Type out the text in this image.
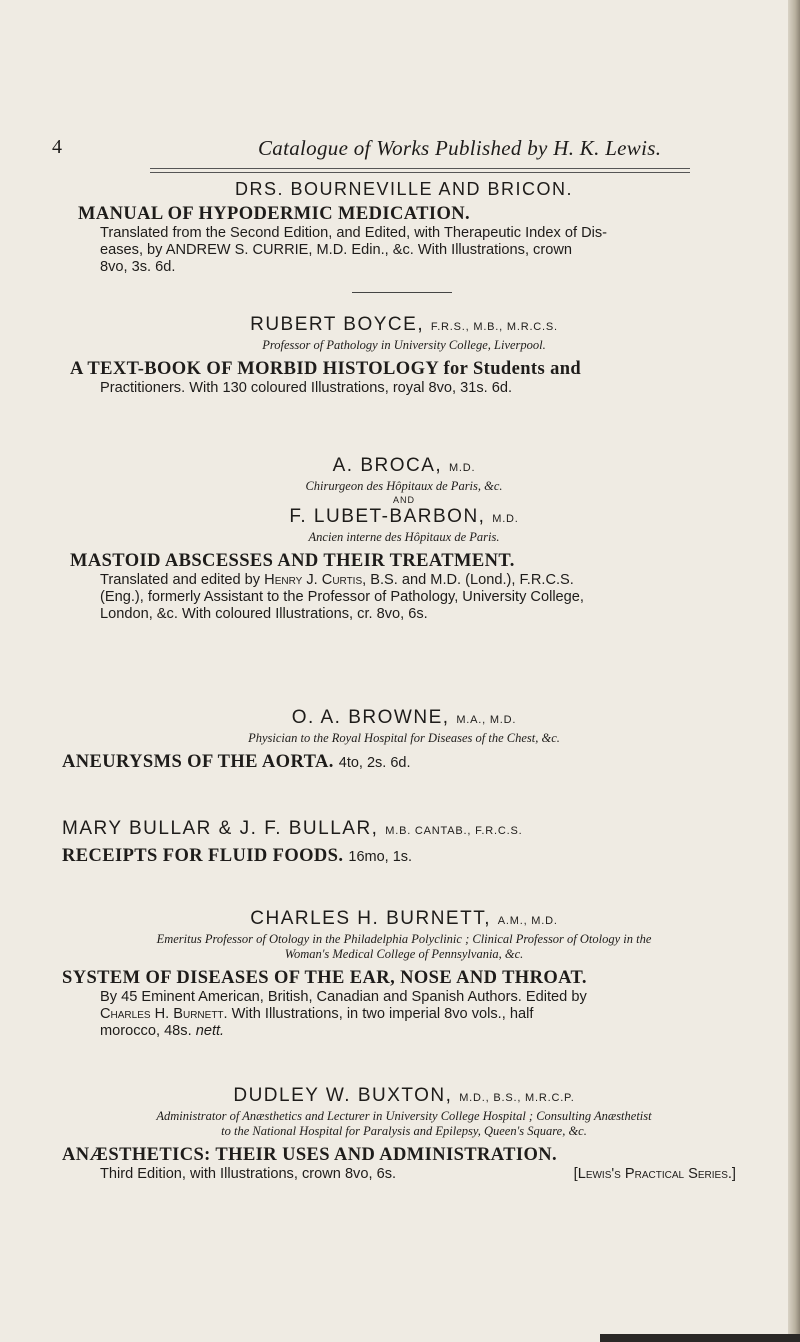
4	Catalogue of Works Published by H. K. Lewis.
DRS. BOURNEVILLE AND BRICON.
MANUAL OF HYPODERMIC MEDICATION.
Translated from the Second Edition, and Edited, with Therapeutic Index of Dis-
eases, by ANDREW S. CURRIE, M.D. Edin., &c. With Illustrations, crown
8vo, 3s. 6d.
RUBERT BOYCE, F.R.S., M.B., M.R.C.S.
Professor of Pathology in University College, Liverpool.
A TEXT-BOOK OF MORBID HISTOLOGY for Students and
Practitioners. With 130 coloured Illustrations, royal 8vo, 31s. 6d.
A. BROCA, M.D.
Chirurgeon des Hôpitaux de Paris, &c.
AND
F. LUBET-BARBON, M.D.
Ancien interne des Hôpitaux de Paris.
MASTOID ABSCESSES AND THEIR TREATMENT.
Translated and edited by Henry J. Curtis, B.S. and M.D. (Lond.), F.R.C.S.
(Eng.), formerly Assistant to the Professor of Pathology, University College,
London, &c. With coloured Illustrations, cr. 8vo, 6s.
O. A. BROWNE, M.A., M.D.
Physician to the Royal Hospital for Diseases of the Chest, &c.
ANEURYSMS OF THE AORTA. 4to, 2s. 6d.
MARY BULLAR & J. F. BULLAR, M.B. CANTAB., F.R.C.S.
RECEIPTS FOR FLUID FOODS. 16mo, 1s.
CHARLES H. BURNETT, A.M., M.D.
Emeritus Professor of Otology in the Philadelphia Polyclinic ; Clinical Professor of Otology in the
Woman's Medical College of Pennsylvania, &c.
SYSTEM OF DISEASES OF THE EAR, NOSE AND THROAT.
By 45 Eminent American, British, Canadian and Spanish Authors. Edited by
Charles H. Burnett. With Illustrations, in two imperial 8vo vols., half
morocco, 48s. nett.
DUDLEY W. BUXTON, M.D., B.S., M.R.C.P.
Administrator of Anæsthetics and Lecturer in University College Hospital ; Consulting Anæsthetist
to the National Hospital for Paralysis and Epilepsy, Queen's Square, &c.
ANÆSTHETICS: THEIR USES AND ADMINISTRATION.
Third Edition, with Illustrations, crown 8vo, 6s.	[Lewis's Practical Series.]
